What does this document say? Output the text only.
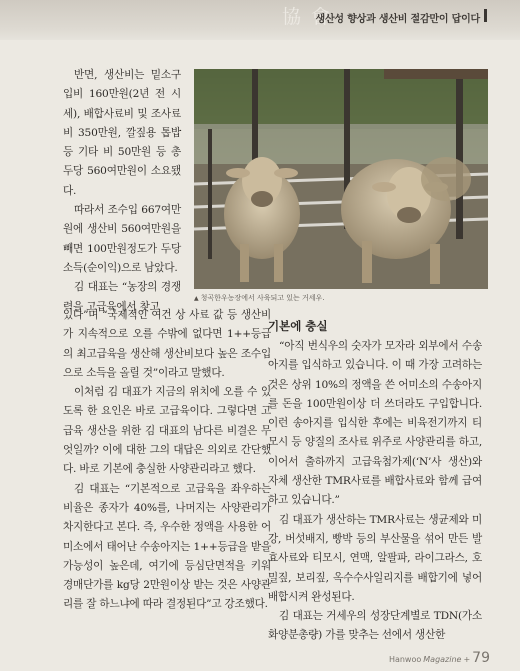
協 會
생산성 향상과 생산비 절감만이 답이다

반면, 생산비는 밑소구입비 160만원(2년 전 시세), 배합사료비 및 조사료비 350만원, 깔짚용 톱밥 등 기타 비 50만원 등 총 두당 560여만원이 소요됐다.

따라서 조수입 667여만원에 생산비 560여만원을 빼면 100만원정도가 두당 소득(순이익)으로 남았다.

김 대표는 “농장의 경쟁력을 고급육에서 찾고

▲ 청곡한우농장에서 사육되고 있는 거세우.

있다”며 “국제적인 여건 상 사료 값 등 생산비가 지속적으로 오를 수밖에 없다면 1++등급의 최고급육을 생산해 생산비보다 높은 조수입으로 소득을 올릴 것”이라고 말했다.

이처럼 김 대표가 지금의 위치에 오를 수 있도록 한 요인은 바로 고급육이다. 그렇다면 고급육 생산을 위한 김 대표의 남다른 비결은 무엇일까? 이에 대한 그의 대답은 의외로 간단했다. 바로 기본에 충실한 사양관리라고 했다.

김 대표는 “기본적으로 고급육을 좌우하는 비율은 종자가 40%를, 나머지는 사양관리가 차지한다고 본다. 즉, 우수한 정액을 사용한 어미소에서 태어난 수송아지는 1++등급을 받을 가능성이 높은데, 여기에 등심단면적을 키워 경매단가를 kg당 2만원이상 받는 것은 사양관리를 잘 하느냐에 따라 결정된다”고 강조했다.

기본에 충실

“아직 번식우의 숫자가 모자라 외부에서 수송아지를 입식하고 있습니다. 이 때 가장 고려하는 것은 상위 10%의 정액을 쓴 어미소의 수송아지를 돈을 100만원이상 더 쓰더라도 구입합니다. 이런 송아지를 입식한 후에는 비육전기까지 티모시 등 양질의 조사료 위주로 사양관리를 하고, 이어서 출하까지 고급육첨가제(‘N’사 생산)와 자체 생산한 TMR사료를 배합사료와 함께 급여하고 있습니다.”

김 대표가 생산하는 TMR사료는 생균제와 미강, 버섯배지, 빵박 등의 부산물을 섞어 만든 발효사료와 티모시, 연맥, 알팔파, 라이그라스, 호밀짚, 보리짚, 옥수수사일리지를 배합기에 넣어 배합시켜 완성된다.

김 대표는 거세우의 성장단계별로 TDN(가소화양분총량) 가를 맞추는 선에서 생산한

Hanwoo Magazine + 79
